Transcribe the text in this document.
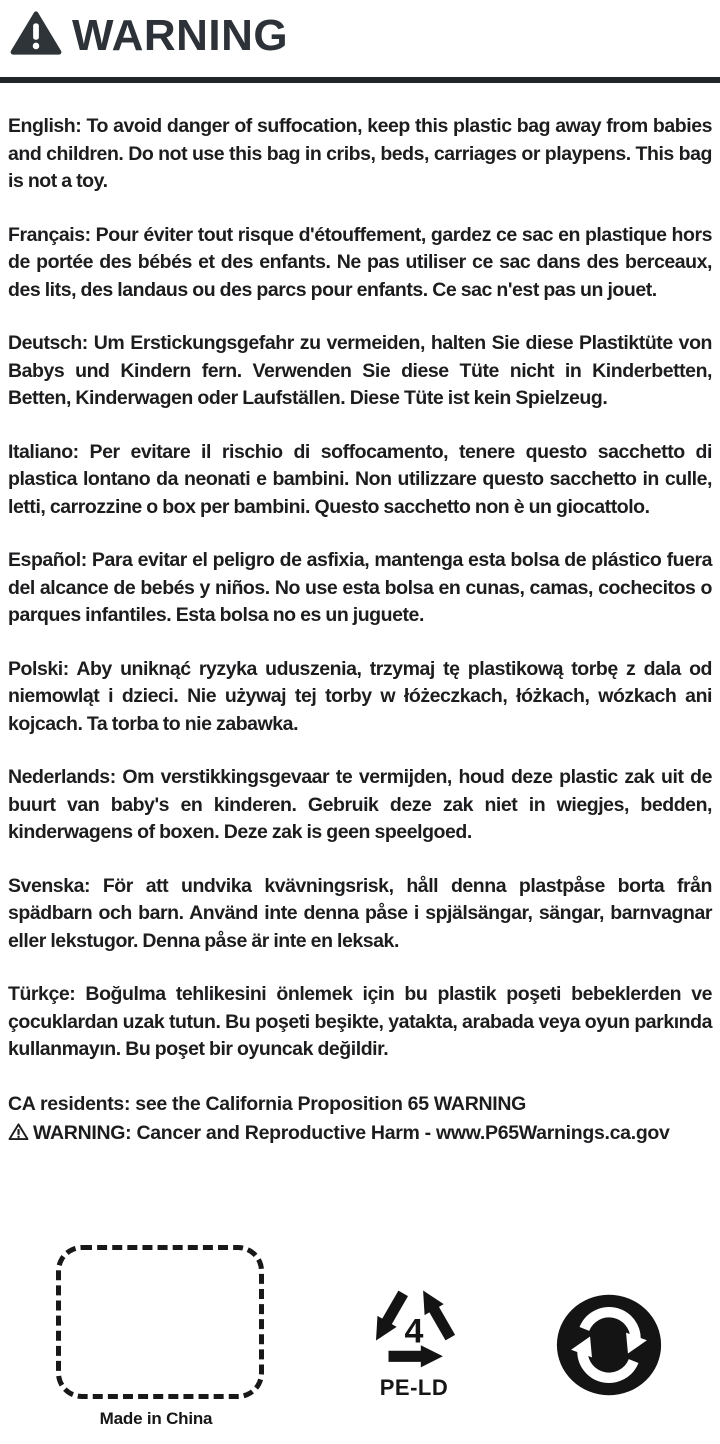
WARNING

English: To avoid danger of suffocation, keep this plastic bag away from babies and children. Do not use this bag in cribs, beds, carriages or playpens. This bag is not a toy.

Français: Pour éviter tout risque d'étouffement, gardez ce sac en plastique hors de portée des bébés et des enfants. Ne pas utiliser ce sac dans des berceaux, des lits, des landaus ou des parcs pour enfants. Ce sac n'est pas un jouet.

Deutsch: Um Erstickungsgefahr zu vermeiden, halten Sie diese Plastiktüte von Babys und Kindern fern. Verwenden Sie diese Tüte nicht in Kinderbetten, Betten, Kinderwagen oder Laufställen. Diese Tüte ist kein Spielzeug.

Italiano: Per evitare il rischio di soffocamento, tenere questo sacchetto di plastica lontano da neonati e bambini. Non utilizzare questo sacchetto in culle, letti, carrozzine o box per bambini. Questo sacchetto non è un giocattolo.

Español: Para evitar el peligro de asfixia, mantenga esta bolsa de plástico fuera del alcance de bebés y niños. No use esta bolsa en cunas, camas, cochecitos o parques infantiles. Esta bolsa no es un juguete.

Polski: Aby uniknąć ryzyka uduszenia, trzymaj tę plastikową torbę z dala od niemowląt i dzieci. Nie używaj tej torby w łóżeczkach, łóżkach, wózkach ani kojcach. Ta torba to nie zabawka.

Nederlands: Om verstikkingsgevaar te vermijden, houd deze plastic zak uit de buurt van baby's en kinderen. Gebruik deze zak niet in wiegjes, bedden, kinderwagens of boxen. Deze zak is geen speelgoed.

Svenska: För att undvika kvävningsrisk, håll denna plastpåse borta från spädbarn och barn. Använd inte denna påse i spjälsängar, sängar, barnvagnar eller lekstugor. Denna påse är inte en leksak.

Türkçe: Boğulma tehlikesini önlemek için bu plastik poşeti bebeklerden ve çocuklardan uzak tutun. Bu poşeti beşikte, yatakta, arabada veya oyun parkında kullanmayın. Bu poşet bir oyuncak değildir.

CA residents: see the California Proposition 65 WARNING

WARNING: Cancer and Reproductive Harm - www.P65Warnings.ca.gov

Made in China
4
PE-LD
